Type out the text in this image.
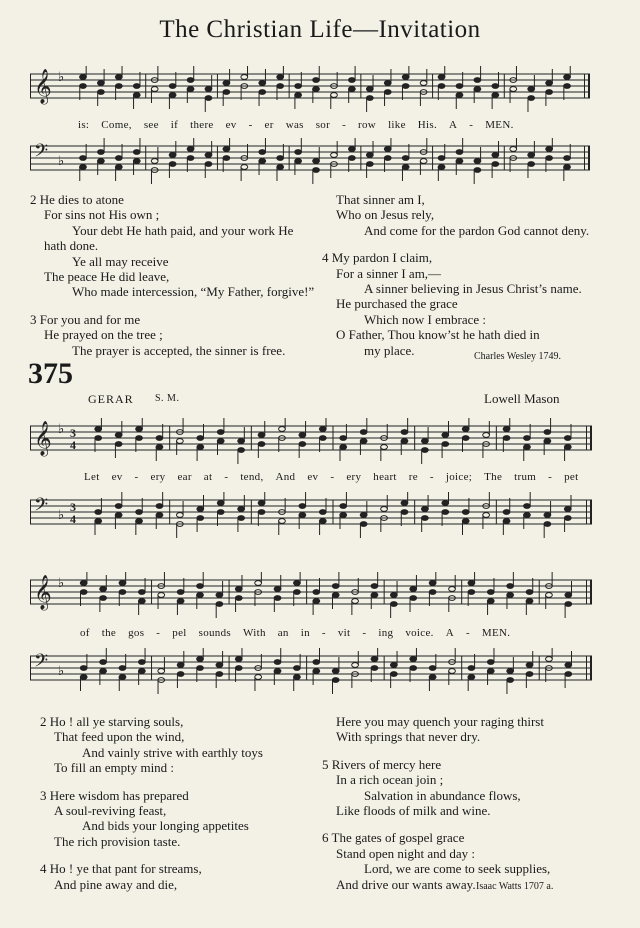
The Christian Life—Invitation
𝄞 ♭
is: Come, see if there ev - er was sor - row like His. A - MEN.
𝄢 ♭
2 He dies to atone
For sins not His own ;
Your debt He hath paid, and your work He
hath done.
Ye all may receive
The peace He did leave,
Who made intercession, “My Father, forgive!”
3 For you and for me
He prayed on the tree ;
The prayer is accepted, the sinner is free.
That sinner am I,
Who on Jesus rely,
And come for the pardon God cannot deny.
4 My pardon I claim,
For a sinner I am,—
A sinner believing in Jesus Christ’s name.
He purchased the grace
Which now I embrace :
O Father, Thou know’st he hath died in
my place.	Charles Wesley 1749.
375
GERAR S. M.	Lowell Mason
𝄞 ♭ 3
4
Let ev - ery ear at - tend, And ev - ery heart re - joice; The trum - pet
𝄢 ♭
3
4
𝄞 ♭
of the gos - pel sounds With an in - vit - ing voice. A - MEN.
𝄢 ♭
2 Ho ! all ye starving souls,
That feed upon the wind,
And vainly strive with earthly toys
To fill an empty mind :
3 Here wisdom has prepared
A soul-reviving feast,
And bids your longing appetites
The rich provision taste.
4 Ho ! ye that pant for streams,
And pine away and die,
Here you may quench your raging thirst
With springs that never dry.
5 Rivers of mercy here
In a rich ocean join ;
Salvation in abundance flows,
Like floods of milk and wine.
6 The gates of gospel grace
Stand open night and day :
Lord, we are come to seek supplies,
And drive our wants away. Isaac Watts 1707 a.
